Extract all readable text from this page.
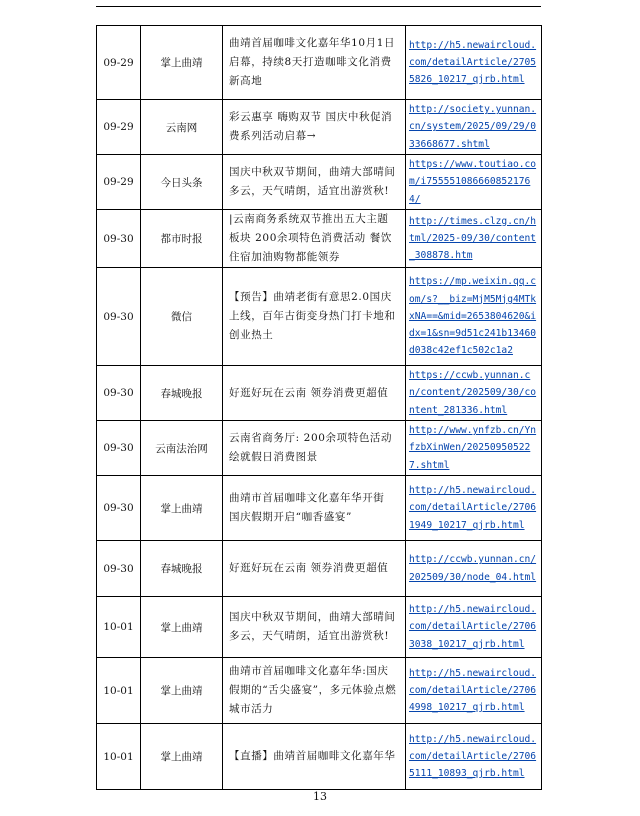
09-29	掌上曲靖	曲靖首届咖啡文化嘉年华10月1日启幕，持续8天打造咖啡文化消费新高地	http://h5.newaircloud.com/detailArticle/27055826_10217_qjrb.html
09-29	云南网	彩云惠享 嗨购双节 国庆中秋促消费系列活动启幕→	http://society.yunnan.cn/system/2025/09/29/033668677.shtml
09-29	今日头条	国庆中秋双节期间，曲靖大部晴间多云，天气晴朗，适宜出游赏秋!	https://www.toutiao.com/i7555510866608521764/
09-30	都市时报	|云南商务系统双节推出五大主题板块 200余项特色消费活动 餐饮住宿加油购物都能领券	http://times.clzg.cn/html/2025-09/30/content_308878.htm
09-30	微信	【预告】曲靖老街有意思2.0国庆上线，百年古街变身热门打卡地和创业热土	https://mp.weixin.qq.com/s?__biz=MjM5Mjg4MTkxNA==&mid=2653804620&idx=1&sn=9d51c241b13460d038c42ef1c502c1a2
09-30	春城晚报	好逛好玩在云南 领券消费更超值	https://ccwb.yunnan.cn/content/202509/30/content_281336.html
09-30	云南法治网	云南省商务厅: 200余项特色活动绘就假日消费图景	http://www.ynfzb.cn/YnfzbXinWen/202509505227.shtml
09-30	掌上曲靖	曲靖市首届咖啡文化嘉年华开街 国庆假期开启“咖香盛宴”	http://h5.newaircloud.com/detailArticle/27061949_10217_qjrb.html
09-30	春城晚报	好逛好玩在云南 领券消费更超值	http://ccwb.yunnan.cn/202509/30/node_04.html
10-01	掌上曲靖	国庆中秋双节期间，曲靖大部晴间多云，天气晴朗，适宜出游赏秋!	http://h5.newaircloud.com/detailArticle/27063038_10217_qjrb.html
10-01	掌上曲靖	曲靖市首届咖啡文化嘉年华:国庆假期的“舌尖盛宴”，多元体验点燃城市活力	http://h5.newaircloud.com/detailArticle/27064998_10217_qjrb.html
10-01	掌上曲靖	【直播】曲靖首届咖啡文化嘉年华	http://h5.newaircloud.com/detailArticle/27065111_10893_qjrb.html
13
